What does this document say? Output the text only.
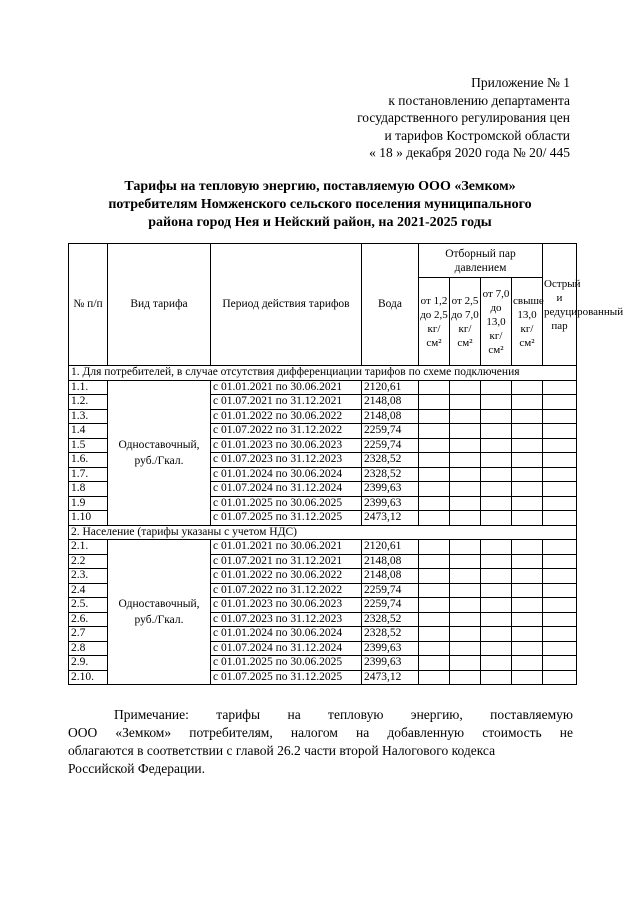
Приложение № 1
к постановлению департамента
государственного регулирования цен
и тарифов Костромской области
« 18 » декабря 2020 года № 20/ 445
Тарифы на тепловую энергию, поставляемую ООО «Земком»
потребителям Номженского сельского поселения муниципального
района город Нея и Нейский район, на 2021-2025 годы
№ п/п	Вид тарифа	Период действия тарифов	Вода	Отборный пар давлением				Острый и редуцированный пар
				от 1,2 до 2,5 кг/см²	от 2,5 до 7,0 кг/см²	от 7,0 до 13,0 кг/см²	свыше 13,0 кг/см²	
1. Для потребителей, в случае отсутствия дифференциации тарифов по схеме подключения								
1.1.	Одноставочный, руб./Гкал.	с 01.01.2021 по 30.06.2021	2120,61					
1.2.		с 01.07.2021 по 31.12.2021	2148,08					
1.3.		с 01.01.2022 по 30.06.2022	2148,08					
1.4		с 01.07.2022 по 31.12.2022	2259,74					
1.5		с 01.01.2023 по 30.06.2023	2259,74					
1.6.		с 01.07.2023 по 31.12.2023	2328,52					
1.7.		с 01.01.2024 по 30.06.2024	2328,52					
1.8		с 01.07.2024 по 31.12.2024	2399,63					
1.9		с 01.01.2025 по 30.06.2025	2399,63					
1.10		с 01.07.2025 по 31.12.2025	2473,12					
2. Население (тарифы указаны с учетом НДС)								
2.1.	Одноставочный, руб./Гкал.	с 01.01.2021 по 30.06.2021	2120,61					
2.2		с 01.07.2021 по 31.12.2021	2148,08					
2.3.		с 01.01.2022 по 30.06.2022	2148,08					
2.4		с 01.07.2022 по 31.12.2022	2259,74					
2.5.		с 01.01.2023 по 30.06.2023	2259,74					
2.6.		с 01.07.2023 по 31.12.2023	2328,52					
2.7		с 01.01.2024 по 30.06.2024	2328,52					
2.8		с 01.07.2024 по 31.12.2024	2399,63					
2.9.		с 01.01.2025 по 30.06.2025	2399,63					
2.10.		с 01.07.2025 по 31.12.2025	2473,12					

Примечание: тарифы на тепловую энергию, поставляемую

ООО «Земком» потребителям, налогом на добавленную стоимость не

облагаются в соответствии с главой 26.2 части второй Налогового кодекса

Российской Федерации.
